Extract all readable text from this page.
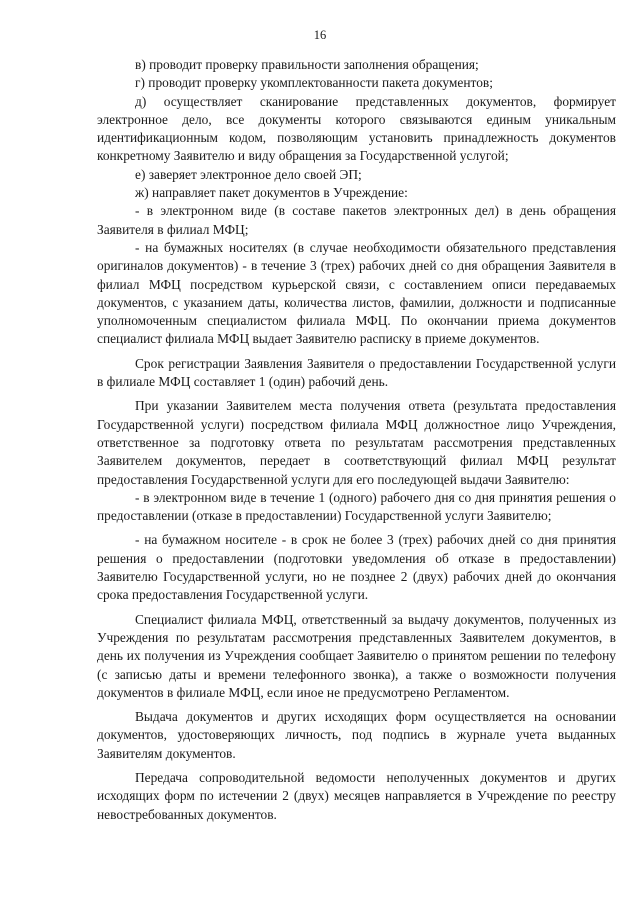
16

в) проводит проверку правильности заполнения обращения;

г) проводит проверку укомплектованности пакета документов;

д) осуществляет сканирование представленных документов, формирует электронное дело, все документы которого связываются единым уникальным идентификационным кодом, позволяющим установить принадлежность документов конкретному Заявителю и виду обращения за Государственной услугой;

е) заверяет электронное дело своей ЭП;

ж) направляет пакет документов в Учреждение:

- в электронном виде (в составе пакетов электронных дел) в день обращения Заявителя в филиал МФЦ;

- на бумажных носителях (в случае необходимости обязательного представления оригиналов документов) - в течение 3 (трех) рабочих дней со дня обращения Заявителя в филиал МФЦ посредством курьерской связи, с составлением описи передаваемых документов, с указанием даты, количества листов, фамилии, должности и подписанные уполномоченным специалистом филиала МФЦ. По окончании приема документов специалист филиала МФЦ выдает Заявителю расписку в приеме документов.

Срок регистрации Заявления Заявителя о предоставлении Государственной услуги в филиале МФЦ составляет 1 (один) рабочий день.

При указании Заявителем места получения ответа (результата предоставления Государственной услуги) посредством филиала МФЦ должностное лицо Учреждения, ответственное за подготовку ответа по результатам рассмотрения представленных Заявителем документов, передает в соответствующий филиал МФЦ результат предоставления Государственной услуги для его последующей выдачи Заявителю:

- в электронном виде в течение 1 (одного) рабочего дня со дня принятия решения о предоставлении (отказе в предоставлении) Государственной услуги Заявителю;

- на бумажном носителе - в срок не более 3 (трех) рабочих дней со дня принятия решения о предоставлении (подготовки уведомления об отказе в предоставлении) Заявителю Государственной услуги, но не позднее 2 (двух) рабочих дней до окончания срока предоставления Государственной услуги.

Специалист филиала МФЦ, ответственный за выдачу документов, полученных из Учреждения по результатам рассмотрения представленных Заявителем документов, в день их получения из Учреждения сообщает Заявителю о принятом решении по телефону (с записью даты и времени телефонного звонка), а также о возможности получения документов в филиале МФЦ, если иное не предусмотрено Регламентом.

Выдача документов и других исходящих форм осуществляется на основании документов, удостоверяющих личность, под подпись в журнале учета выданных Заявителям документов.

Передача сопроводительной ведомости неполученных документов и других исходящих форм по истечении 2 (двух) месяцев направляется в Учреждение по реестру невостребованных документов.
